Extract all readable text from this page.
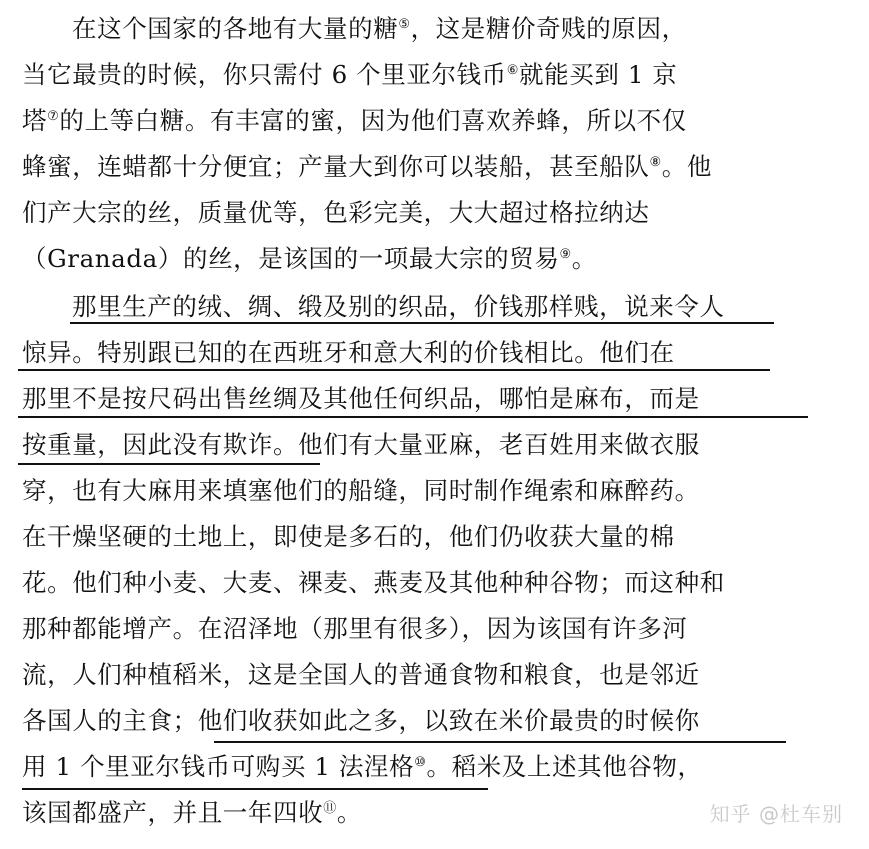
在这个国家的各地有大量的糖⑤，这是糖价奇贱的原因，
当它最贵的时候，你只需付 6 个里亚尔钱币⑥就能买到 1 京
塔⑦的上等白糖。有丰富的蜜，因为他们喜欢养蜂，所以不仅
蜂蜜，连蜡都十分便宜；产量大到你可以装船，甚至船队⑧。他
们产大宗的丝，质量优等，色彩完美，大大超过格拉纳达
（Granada）的丝，是该国的一项最大宗的贸易⑨。
那里生产的绒、绸、缎及别的织品，价钱那样贱，说来令人
惊异。特别跟已知的在西班牙和意大利的价钱相比。他们在
那里不是按尺码出售丝绸及其他任何织品，哪怕是麻布，而是
按重量，因此没有欺诈。他们有大量亚麻，老百姓用来做衣服
穿，也有大麻用来填塞他们的船缝，同时制作绳索和麻醉药。
在干燥坚硬的土地上，即使是多石的，他们仍收获大量的棉
花。他们种小麦、大麦、裸麦、燕麦及其他种种谷物；而这种和
那种都能增产。在沼泽地（那里有很多），因为该国有许多河
流，人们种植稻米，这是全国人的普通食物和粮食，也是邻近
各国人的主食；他们收获如此之多，以致在米价最贵的时候你
用 1 个里亚尔钱币可购买 1 法涅格⑩。稻米及上述其他谷物，
该国都盛产，并且一年四收⑪。	知乎 @杜车别
